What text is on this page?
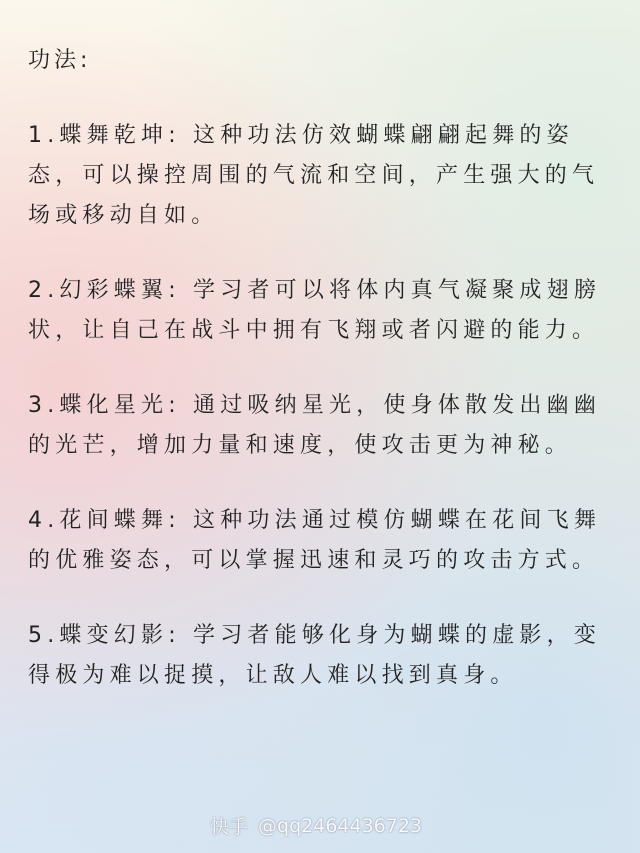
功法:
1.蝶舞乾坤: 这种功法仿效蝴蝶翩翩起舞的姿态，可以操控周围的气流和空间，产生强大的气场或移动自如。
2.幻彩蝶翼: 学习者可以将体内真气凝聚成翅膀状，让自己在战斗中拥有飞翔或者闪避的能力。
3.蝶化星光: 通过吸纳星光，使身体散发出幽幽的光芒，增加力量和速度，使攻击更为神秘。
4.花间蝶舞: 这种功法通过模仿蝴蝶在花间飞舞的优雅姿态，可以掌握迅速和灵巧的攻击方式。
5.蝶变幻影: 学习者能够化身为蝴蝶的虚影，变得极为难以捉摸，让敌人难以找到真身。
快手 @qq2464436723
